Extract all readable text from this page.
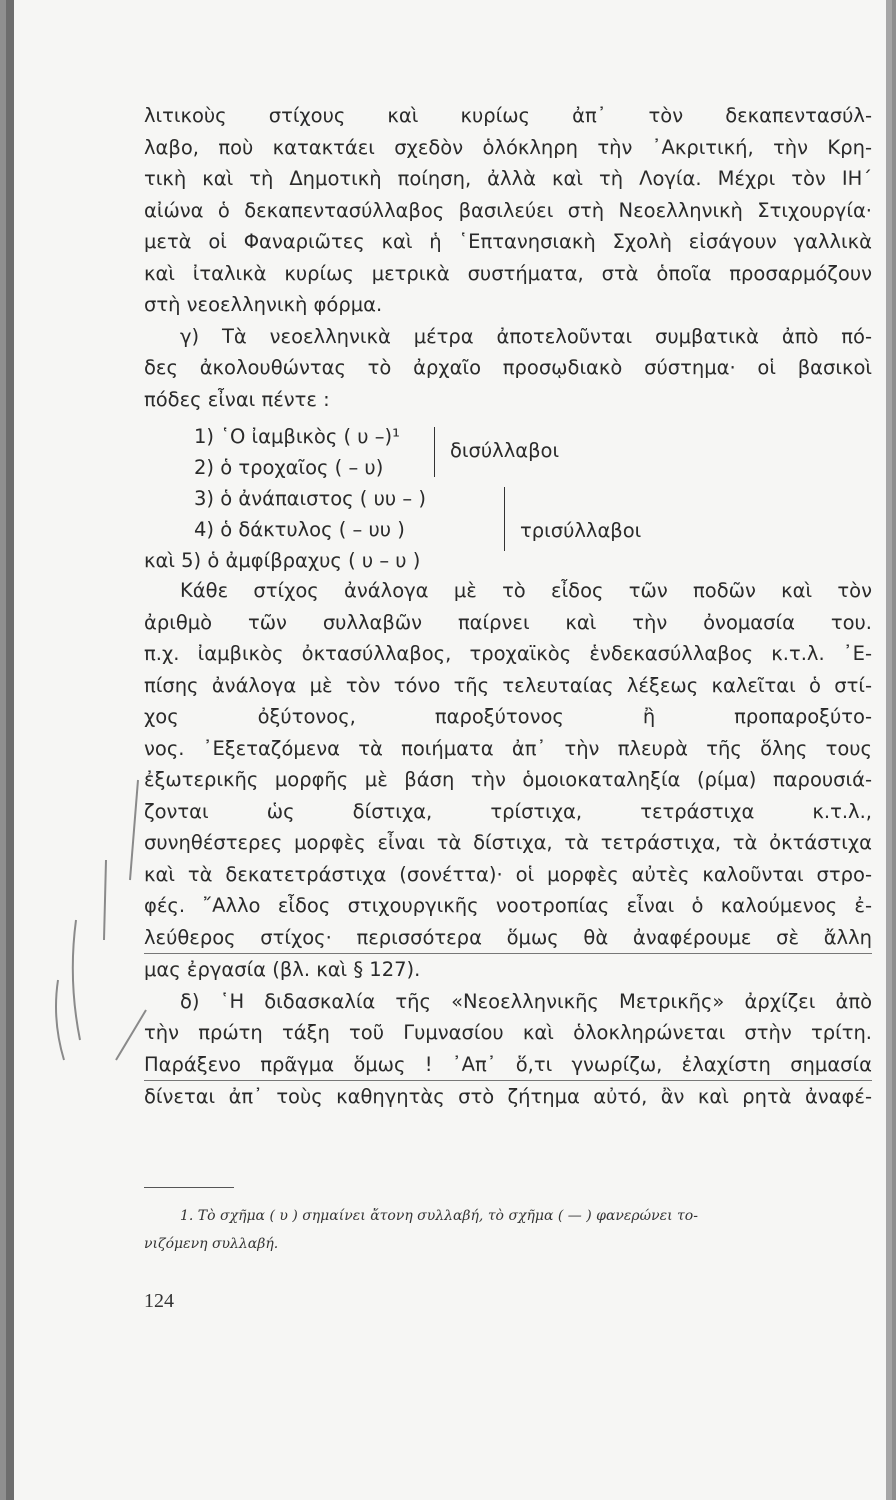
λιτικοὺς στίχους καὶ κυρίως ἀπ᾽ τὸν δεκαπεντασύλ-

λαβο, ποὺ κατακτάει σχεδὸν ὁλόκληρη τὴν ᾽Ακριτική, τὴν Κρη-

τικὴ καὶ τὴ Δημοτικὴ ποίηση, ἀλλὰ καὶ τὴ Λογία. Μέχρι τὸν ΙΗ΄

αἰώνα ὁ δεκαπεντασύλλαβος βασιλεύει στὴ Νεοελληνικὴ Στιχουργία·

μετὰ οἱ Φαναριῶτες καὶ ἡ ῾Επτανησιακὴ Σχολὴ εἰσάγουν γαλλικὰ

καὶ ἰταλικὰ κυρίως μετρικὰ συστήματα, στὰ ὁποῖα προσαρμόζουν

στὴ νεοελληνικὴ φόρμα.

γ) Τὰ νεοελληνικὰ μέτρα ἀποτελοῦνται συμβατικὰ ἀπὸ πό-

δες ἀκολουθώντας τὸ ἀρχαῖο προσῳδιακὸ σύστημα· οἱ βασικοὶ

πόδες εἶναι πέντε :

1) ῾Ο ἰαμβικὸς ( υ –)¹
2) ὁ τροχαῖος ( – υ)
δισύλλαβοι
3) ὁ ἀνάπαιστος ( υυ – )
4) ὁ δάκτυλος ( – υυ )
καὶ 5) ὁ ἀμφίβραχυς ( υ – υ )
τρισύλλαβοι

Κάθε στίχος ἀνάλογα μὲ τὸ εἶδος τῶν ποδῶν καὶ τὸν

ἀριθμὸ τῶν συλλαβῶν παίρνει καὶ τὴν ὀνομασία του.

π.χ. ἰαμβικὸς ὀκτασύλλαβος, τροχαϊκὸς ἑνδεκασύλλαβος κ.τ.λ. ᾽Ε-

πίσης ἀνάλογα μὲ τὸν τόνο τῆς τελευταίας λέξεως καλεῖται ὁ στί-

χος ὀξύτονος, παροξύτονος ἢ προπαροξύτο-

νος. ᾽Εξεταζόμενα τὰ ποιήματα ἀπ᾽ τὴν πλευρὰ τῆς ὅλης τους

ἐξωτερικῆς μορφῆς μὲ βάση τὴν ὁμοιοκαταληξία (ρίμα) παρουσιά-

ζονται ὡς δίστιχα, τρίστιχα, τετράστιχα κ.τ.λ.,

συνηθέστερες μορφὲς εἶναι τὰ δίστιχα, τὰ τετράστιχα, τὰ ὀκτάστιχα

καὶ τὰ δεκατετράστιχα (σονέττα)· οἱ μορφὲς αὐτὲς καλοῦνται στρο-

φές. ῎Αλλο εἶδος στιχουργικῆς νοοτροπίας εἶναι ὁ καλούμενος ἐ-

λεύθερος στίχος· περισσότερα ὅμως θὰ ἀναφέρουμε σὲ ἄλλη

μας ἐργασία (βλ. καὶ § 127).

δ) ῾Η διδασκαλία τῆς «Νεοελληνικῆς Μετρικῆς» ἀρχίζει ἀπὸ

τὴν πρώτη τάξη τοῦ Γυμνασίου καὶ ὁλοκληρώνεται στὴν τρίτη.

Παράξενο πρᾶγμα ὅμως ! ᾽Απ᾽ ὅ,τι γνωρίζω, ἐλαχίστη σημασία

δίνεται ἀπ᾽ τοὺς καθηγητὰς στὸ ζήτημα αὐτό, ἂν καὶ ρητὰ ἀναφέ-

1. Τὸ σχῆμα ( υ ) σημαίνει ἄτονη συλλαβή, τὸ σχῆμα ( — ) φανερώνει το-

νιζόμενη συλλαβή.

124
